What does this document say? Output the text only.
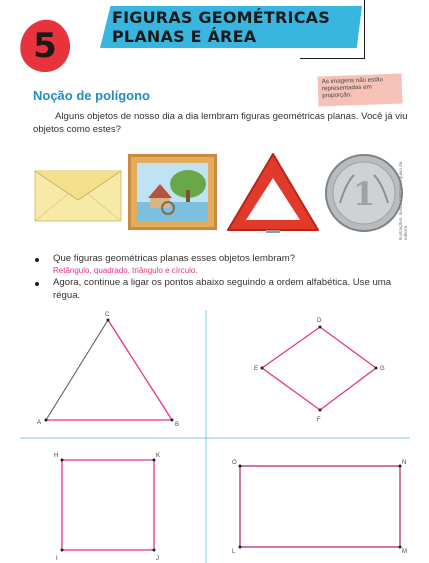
5
FIGURAS GEOMÉTRICAS
PLANAS E ÁREA
Noção de polígono
As imagens não estão representadas em proporção.
Alguns objetos de nosso dia a dia lembram figuras geométricas planas. Você já viu objetos como estes?
1	Ilustrações: Ilustra Cartoon/Arquivo da editora
Que figuras geométricas planas esses objetos lembram?
Retângulo, quadrado, triângulo e círculo.
Agora, continue a ligar os pontos abaixo seguindo a ordem alfabética. Use uma régua.
A	B
C
D
E
F
G
H
I	J
K
L	M
N
O
